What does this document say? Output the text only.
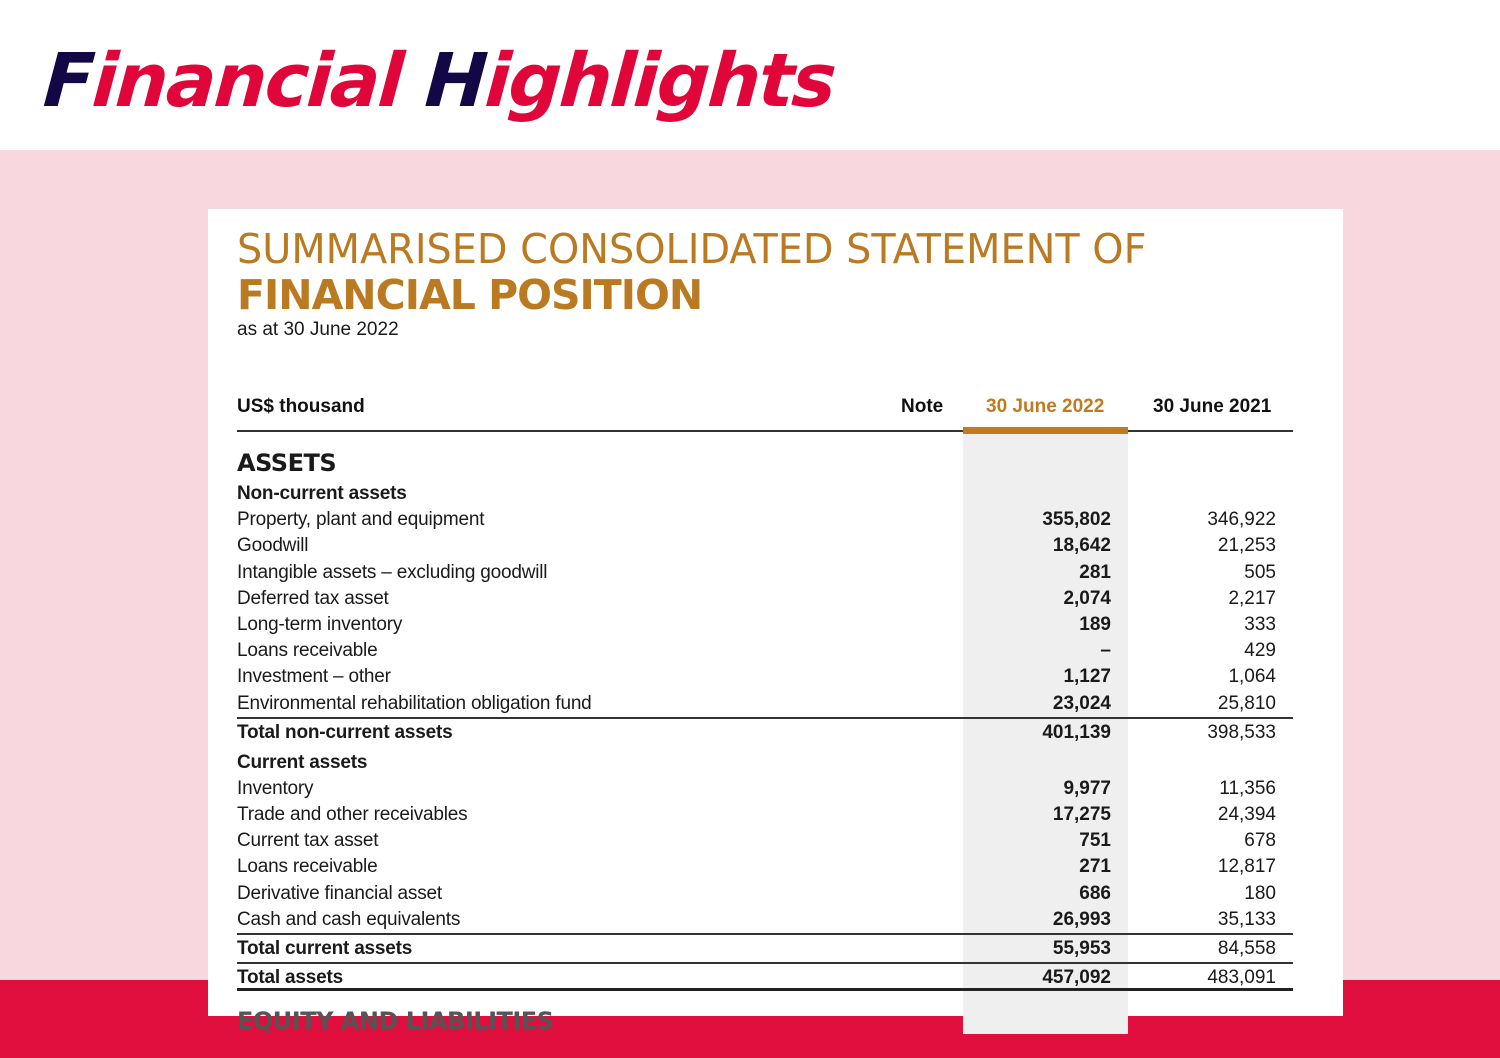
Financial Highlights
SUMMARISED CONSOLIDATED STATEMENT OF
FINANCIAL POSITION
as at 30 June 2022
US$ thousand	Note 30 June 2022	30 June 2021
ASSETS
Non-current assets
Property, plant and equipment	355,802	346,922
Goodwill	18,642	21,253
Intangible assets – excluding goodwill	281	505
Deferred tax asset	2,074	2,217
Long-term inventory	189	333
Loans receivable	–	429
Investment – other	1,127	1,064
Environmental rehabilitation obligation fund	23,024	25,810
Total non-current assets	401,139	398,533
Current assets
Inventory	9,977	11,356
Trade and other receivables	17,275	24,394
Current tax asset	751	678
Loans receivable	271	12,817
Derivative financial asset	686	180
Cash and cash equivalents	26,993	35,133
Total current assets	55,953	84,558
Total assets	457,092	483,091
EQUITY AND LIABILITIES
